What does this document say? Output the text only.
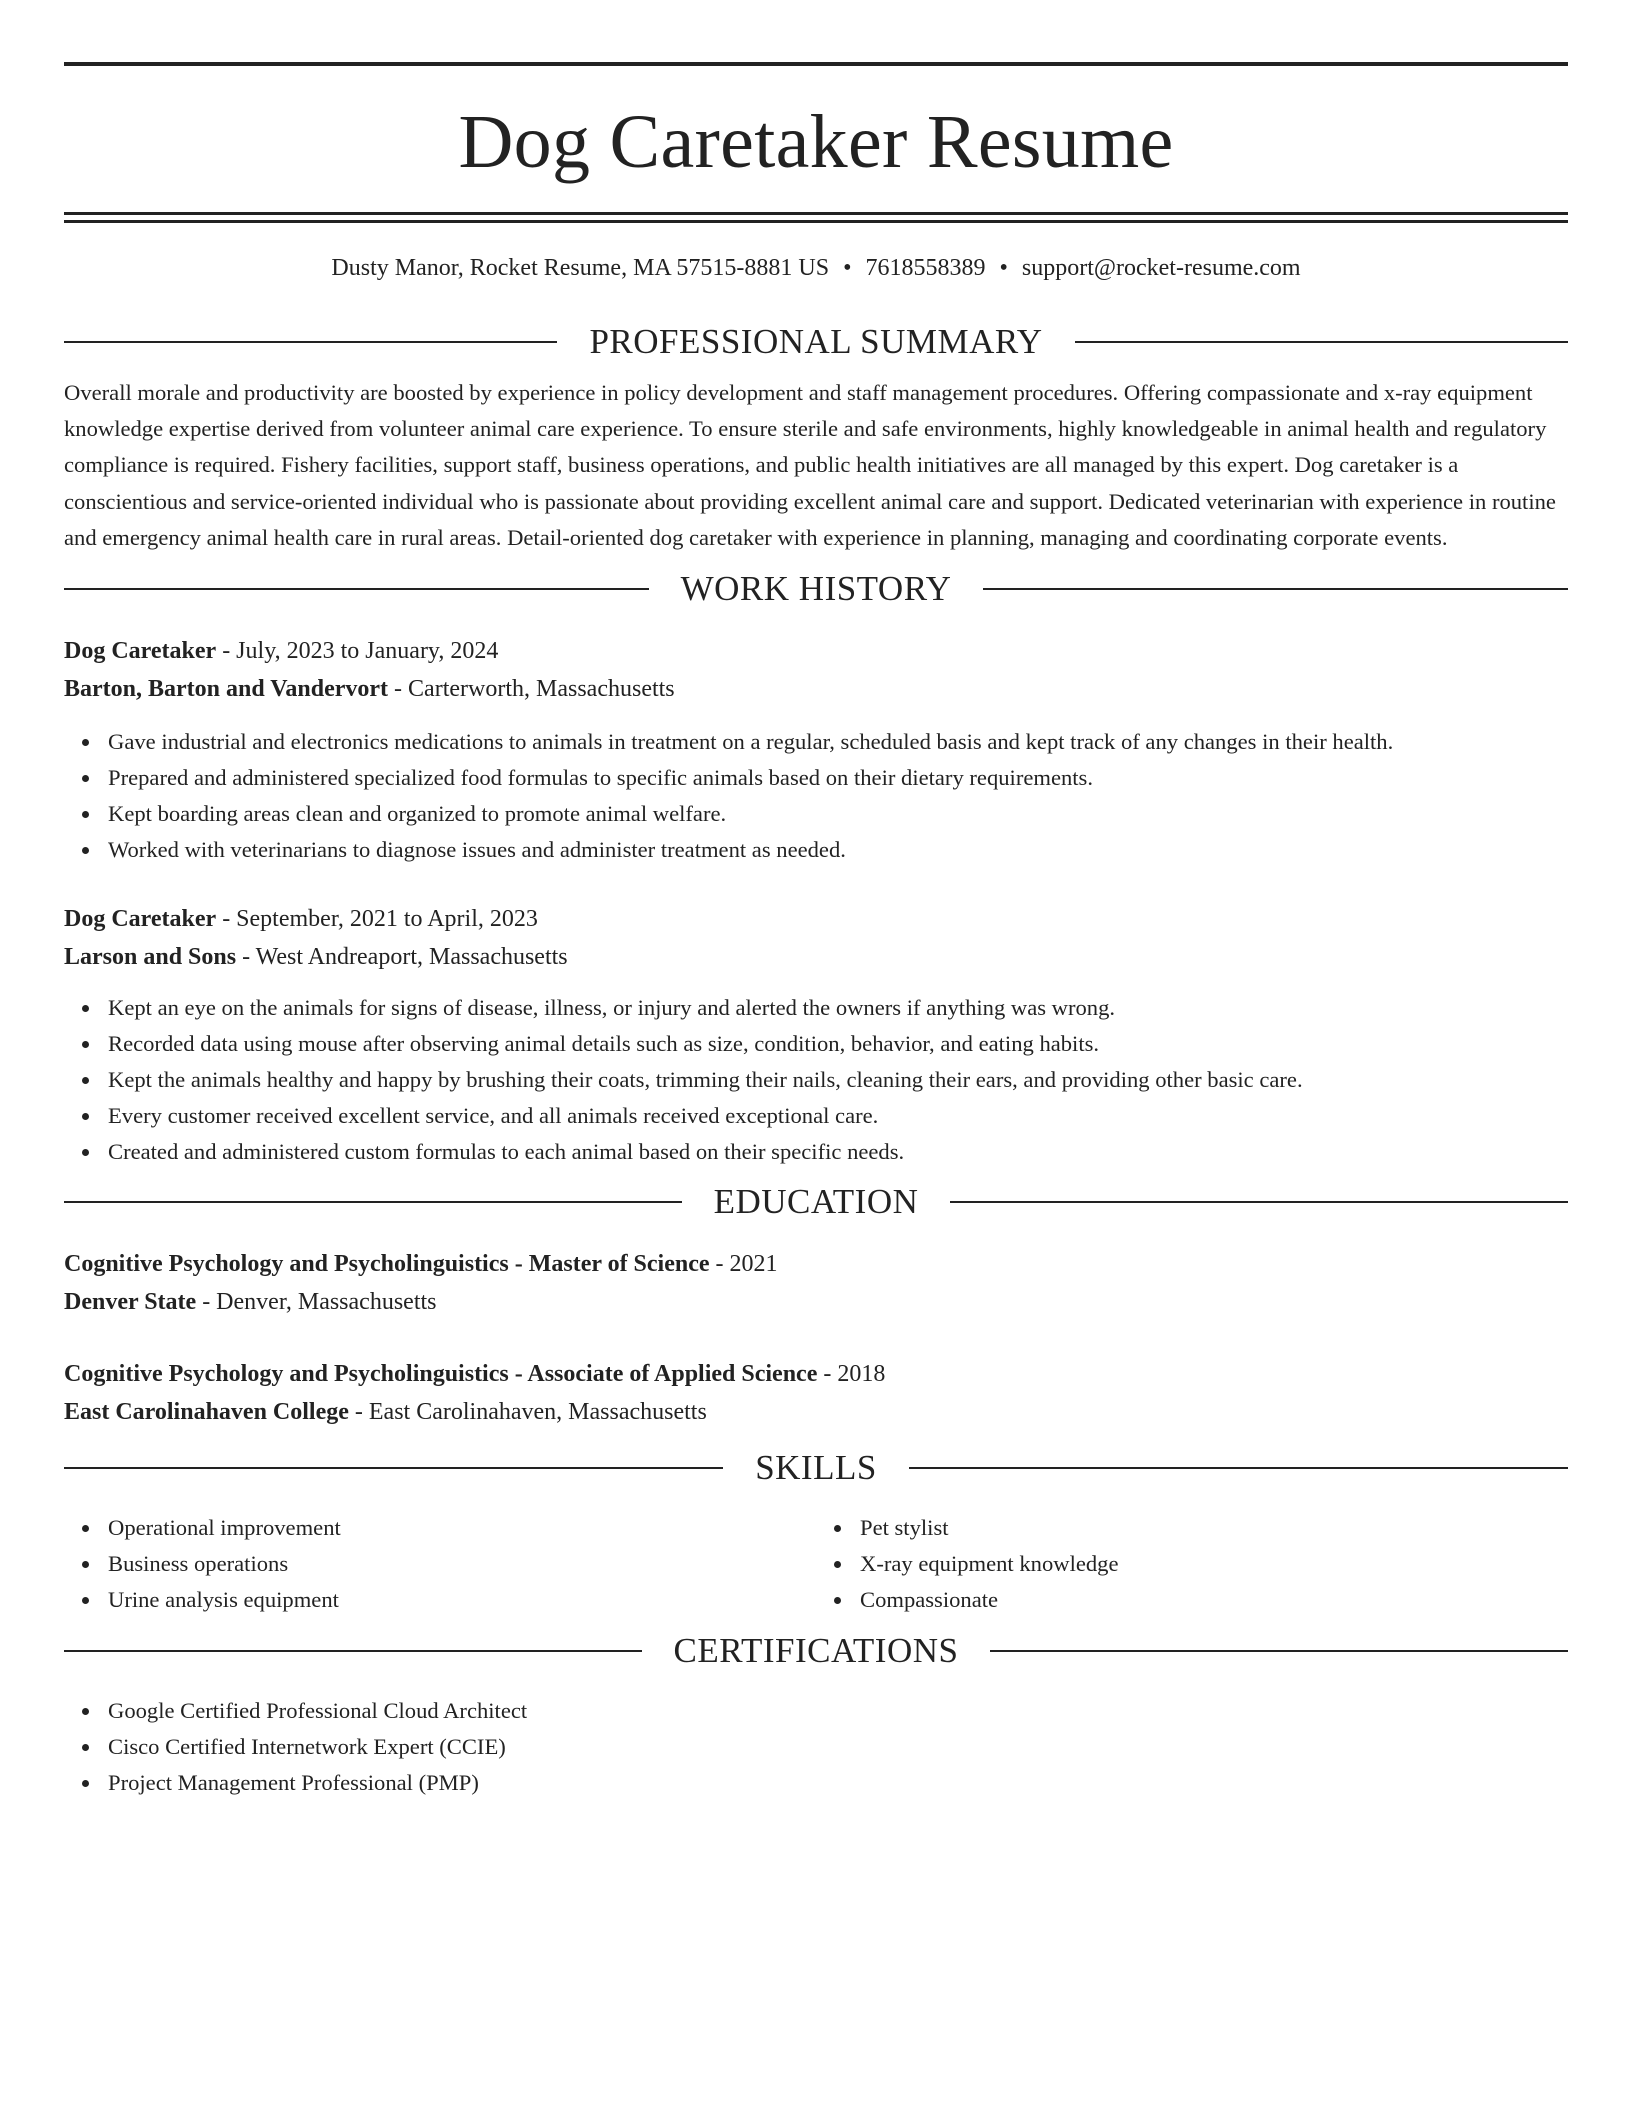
Dog Caretaker Resume
Dusty Manor, Rocket Resume, MA 57515-8881 US • 7618558389 • support@rocket-resume.com
PROFESSIONAL SUMMARY

Overall morale and productivity are boosted by experience in policy development and staff management procedures. Offering compassionate and x-ray equipment knowledge expertise derived from volunteer animal care experience. To ensure sterile and safe environments, highly knowledgeable in animal health and regulatory compliance is required. Fishery facilities, support staff, business operations, and public health initiatives are all managed by this expert. Dog caretaker is a conscientious and service-oriented individual who is passionate about providing excellent animal care and support. Dedicated veterinarian with experience in routine and emergency animal health care in rural areas. Detail-oriented dog caretaker with experience in planning, managing and coordinating corporate events.

WORK HISTORY
Dog Caretaker - July, 2023 to January, 2024
Barton, Barton and Vandervort - Carterworth, Massachusetts
Gave industrial and electronics medications to animals in treatment on a regular, scheduled basis and kept track of any changes in their health.
Prepared and administered specialized food formulas to specific animals based on their dietary requirements.
Kept boarding areas clean and organized to promote animal welfare.
Worked with veterinarians to diagnose issues and administer treatment as needed.
Dog Caretaker - September, 2021 to April, 2023
Larson and Sons - West Andreaport, Massachusetts
Kept an eye on the animals for signs of disease, illness, or injury and alerted the owners if anything was wrong.
Recorded data using mouse after observing animal details such as size, condition, behavior, and eating habits.
Kept the animals healthy and happy by brushing their coats, trimming their nails, cleaning their ears, and providing other basic care.
Every customer received excellent service, and all animals received exceptional care.
Created and administered custom formulas to each animal based on their specific needs.
EDUCATION
Cognitive Psychology and Psycholinguistics - Master of Science - 2021
Denver State - Denver, Massachusetts
Cognitive Psychology and Psycholinguistics - Associate of Applied Science - 2018
East Carolinahaven College - East Carolinahaven, Massachusetts
SKILLS
Operational improvement
Business operations
Urine analysis equipment
Pet stylist
X-ray equipment knowledge
Compassionate
CERTIFICATIONS
Google Certified Professional Cloud Architect
Cisco Certified Internetwork Expert (CCIE)
Project Management Professional (PMP)
